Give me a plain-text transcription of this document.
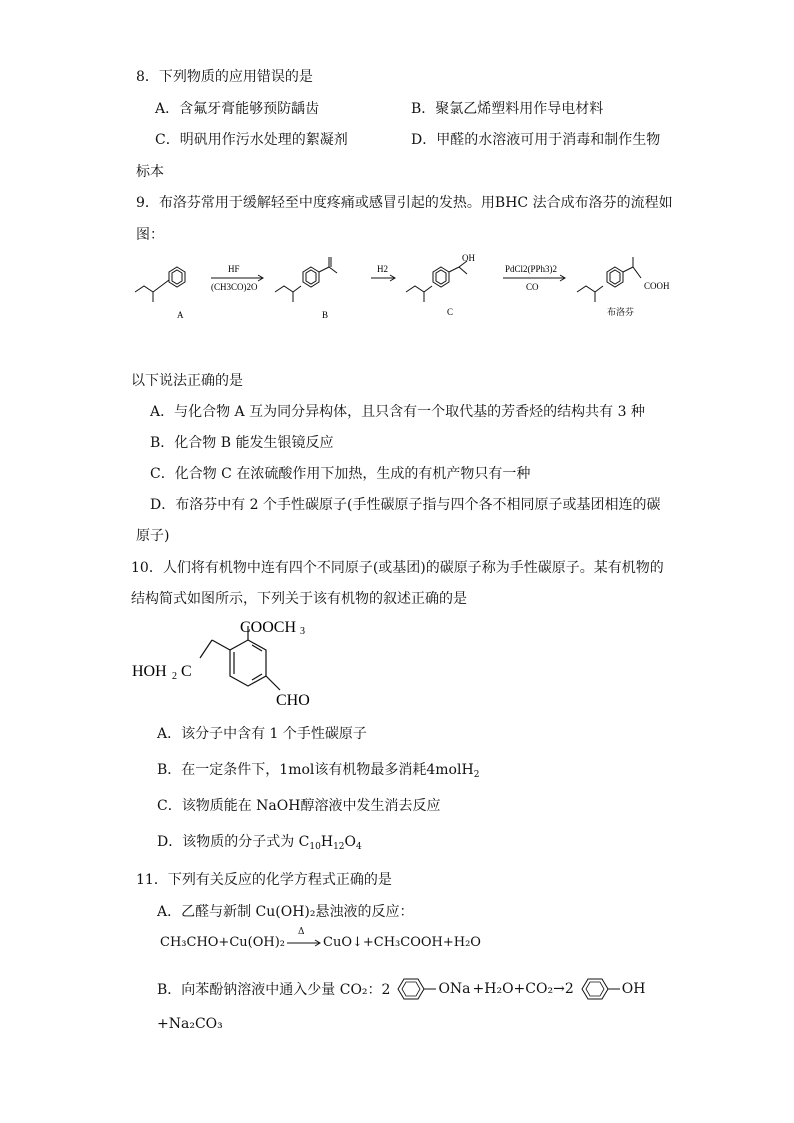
8．下列物质的应用错误的是
A．含氟牙膏能够预防龋齿	B．聚氯乙烯塑料用作导电材料
C．明矾用作污水处理的絮凝剂	D．甲醛的水溶液可用于消毒和制作生物
标本
9．布洛芬常用于缓解轻至中度疼痛或感冒引起的发热。用BHC 法合成布洛芬的流程如
图：
HF
(CH3CO)2O
H2	PdCl2(PPh3)2
CO
OH
COOH
A	B	C	布洛芬
以下说法正确的是
A．与化合物 A 互为同分异构体，且只含有一个取代基的芳香烃的结构共有 3 种
B．化合物 B 能发生银镜反应
C．化合物 C 在浓硫酸作用下加热，生成的有机产物只有一种
D．布洛芬中有 2 个手性碳原子(手性碳原子指与四个各不相同原子或基团相连的碳
原子)
10．人们将有机物中连有四个不同原子(或基团)的碳原子称为手性碳原子。某有机物的
结构简式如图所示，下列关于该有机物的叙述正确的是
COOCH 3
HOH 2 C
CHO
A．该分子中含有 1 个手性碳原子
B．在一定条件下，1mol该有机物最多消耗4molH$_2$
C．该物质能在 NaOH醇溶液中发生消去反应
D．该物质的分子式为 $C_{10}H_{12}O_4$
11．下列有关反应的化学方程式正确的是
A．乙醛与新制 Cu(OH)₂悬浊液的反应：
CH₃CHO+Cu(OH)₂
Δ
CuO↓+CH₃COOH+H₂O
B．向苯酚钠溶液中通入少量 CO₂：2	ONa +H₂O+CO₂→2	OH
+Na₂CO₃
